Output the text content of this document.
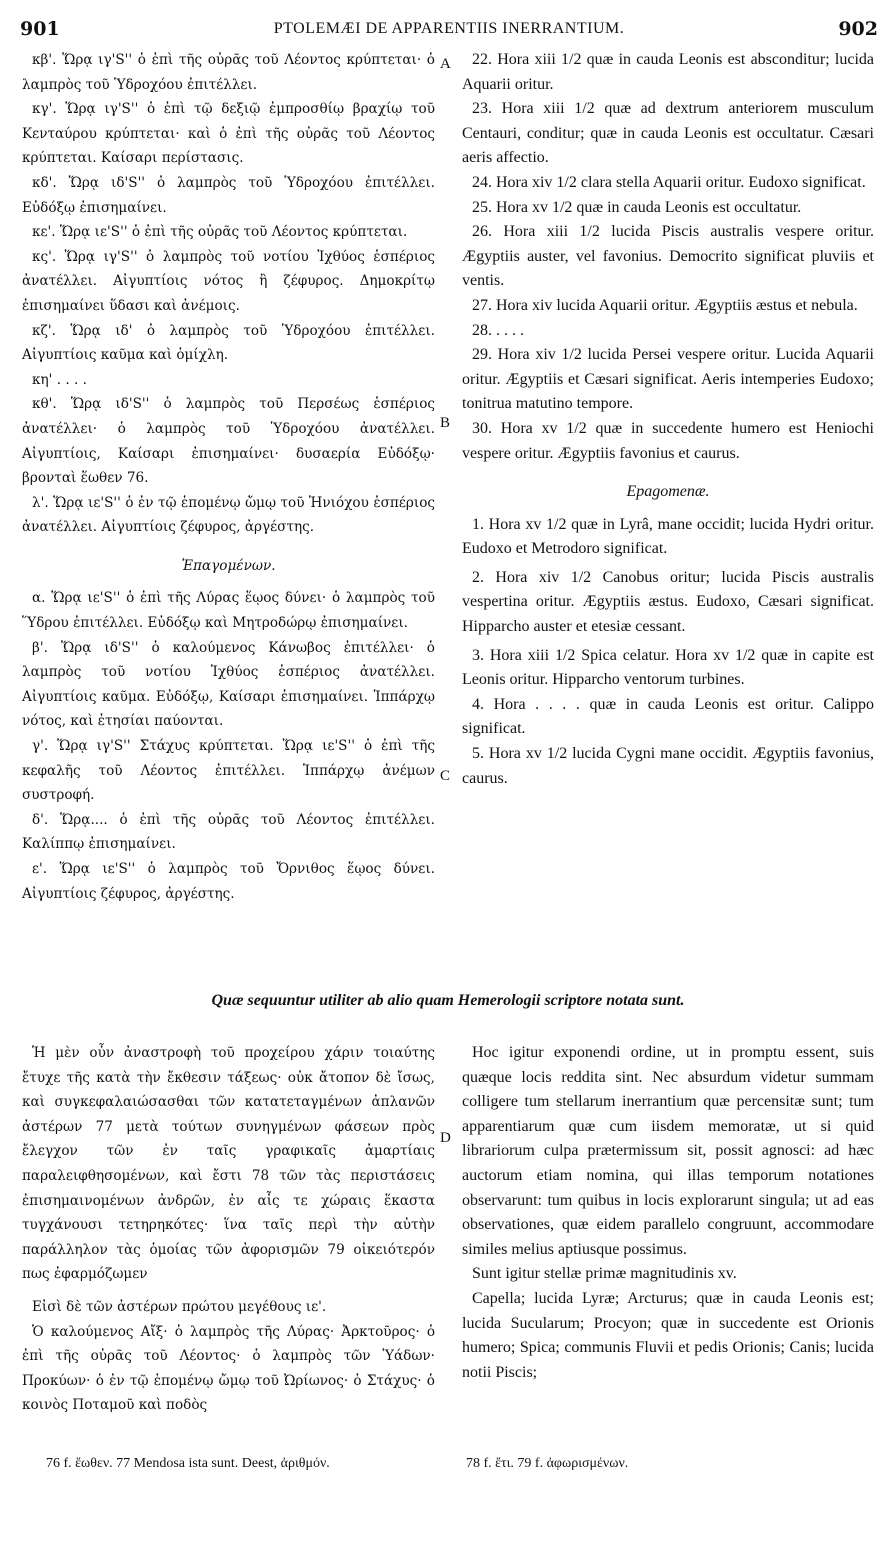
901	PTOLEMÆI DE APPARENTIIS INERRANTIUM.	902

κβ'. Ὥρᾳ ιγ'S'' ὁ ἐπὶ τῆς οὐρᾶς τοῦ Λέοντος κρύπτεται· ὁ λαμπρὸς τοῦ Ὑδροχόου ἐπιτέλλει.

κγ'. Ὥρᾳ ιγ'S'' ὁ ἐπὶ τῷ δεξιῷ ἐμπροσθίῳ βραχίῳ τοῦ Κενταύρου κρύπτεται· καὶ ὁ ἐπὶ τῆς οὐρᾶς τοῦ Λέοντος κρύπτεται. Καίσαρι περίστασις.

κδ'. Ὥρᾳ ιδ'S'' ὁ λαμπρὸς τοῦ Ὑδροχόου ἐπιτέλλει. Εὐδόξῳ ἐπισημαίνει.

κε'. Ὥρᾳ ιε'S'' ὁ ἐπὶ τῆς οὐρᾶς τοῦ Λέοντος κρύπτεται.

κς'. Ὥρᾳ ιγ'S'' ὁ λαμπρὸς τοῦ νοτίου Ἰχθύος ἑσπέριος ἀνατέλλει. Αἰγυπτίοις νότος ἢ ζέφυρος. Δημοκρίτῳ ἐπισημαίνει ὕδασι καὶ ἀνέμοις.

κζ'. Ὥρᾳ ιδ' ὁ λαμπρὸς τοῦ Ὑδροχόου ἐπιτέλλει. Αἰγυπτίοις καῦμα καὶ ὁμίχλη.

κη' . . . .

κθ'. Ὥρᾳ ιδ'S'' ὁ λαμπρὸς τοῦ Περσέως ἑσπέριος ἀνατέλλει· ὁ λαμπρὸς τοῦ Ὑδροχόου ἀνατέλλει. Αἰγυπτίοις, Καίσαρι ἐπισημαίνει· δυσαερία Εὐδόξῳ· βρονταὶ ἕωθεν 76.

λ'. Ὥρᾳ ιε'S'' ὁ ἐν τῷ ἑπομένῳ ὤμῳ τοῦ Ἡνιόχου ἑσπέριος ἀνατέλλει. Αἰγυπτίοις ζέφυρος, ἀργέστης.

Ἐπαγομένων.

α. Ὥρᾳ ιε'S'' ὁ ἐπὶ τῆς Λύρας ἕῳος δύνει· ὁ λαμπρὸς τοῦ Ὕδρου ἐπιτέλλει. Εὐδόξῳ καὶ Μητροδώρῳ ἐπισημαίνει.

β'. Ὥρᾳ ιδ'S'' ὁ καλούμενος Κάνωβος ἐπιτέλλει· ὁ λαμπρὸς τοῦ νοτίου Ἰχθύος ἑσπέριος ἀνατέλλει. Αἰγυπτίοις καῦμα. Εὐδόξῳ, Καίσαρι ἐπισημαίνει. Ἱππάρχῳ νότος, καὶ ἐτησίαι παύονται.

γ'. Ὥρᾳ ιγ'S'' Στάχυς κρύπτεται. Ὥρᾳ ιε'S'' ὁ ἐπὶ τῆς κεφαλῆς τοῦ Λέοντος ἐπιτέλλει. Ἱππάρχῳ ἀνέμων συστροφή.

δ'. Ὥρᾳ.... ὁ ἐπὶ τῆς οὐρᾶς τοῦ Λέοντος ἐπιτέλλει. Καλίππῳ ἐπισημαίνει.

ε'. Ὥρᾳ ιε'S'' ὁ λαμπρὸς τοῦ Ὄρνιθος ἕῳος δύνει. Αἰγυπτίοις ζέφυρος, ἀργέστης.

22. Hora xiii 1/2 quæ in cauda Leonis est absconditur; lucida Aquarii oritur.

23. Hora xiii 1/2 quæ ad dextrum anteriorem musculum Centauri, conditur; quæ in cauda Leonis est occultatur. Cæsari aeris affectio.

24. Hora xiv 1/2 clara stella Aquarii oritur. Eudoxo significat.

25. Hora xv 1/2 quæ in cauda Leonis est occultatur.

26. Hora xiii 1/2 lucida Piscis australis vespere oritur. Ægyptiis auster, vel favonius. Democrito significat pluviis et ventis.

27. Hora xiv lucida Aquarii oritur. Ægyptiis æstus et nebula.

28. . . . .

29. Hora xiv 1/2 lucida Persei vespere oritur. Lucida Aquarii oritur. Ægyptiis et Cæsari significat. Aeris intemperies Eudoxo; tonitrua matutino tempore.

30. Hora xv 1/2 quæ in succedente humero est Heniochi vespere oritur. Ægyptiis favonius et caurus.

Epagomenæ.

1. Hora xv 1/2 quæ in Lyrâ, mane occidit; lucida Hydri oritur. Eudoxo et Metrodoro significat.

2. Hora xiv 1/2 Canobus oritur; lucida Piscis australis vespertina oritur. Ægyptiis æstus. Eudoxo, Cæsari significat. Hipparcho auster et etesiæ cessant.

3. Hora xiii 1/2 Spica celatur. Hora xv 1/2 quæ in capite est Leonis oritur. Hipparcho ventorum turbines.

4. Hora . . . . quæ in cauda Leonis est oritur. Calippo significat.

5. Hora xv 1/2 lucida Cygni mane occidit. Ægyptiis favonius, caurus.

A
B
C
D
Quæ sequuntur utiliter ab alio quam Hemerologii scriptore notata sunt.

Ἡ μὲν οὖν ἀναστροφὴ τοῦ προχείρου χάριν τοιαύτης ἔτυχε τῆς κατὰ τὴν ἔκθεσιν τάξεως· οὐκ ἄτοπον δὲ ἴσως, καὶ συγκεφαλαιώσασθαι τῶν κατατεταγμένων ἀπλανῶν ἀστέρων 77 μετὰ τούτων συνηγμένων φάσεων πρὸς ἔλεγχον τῶν ἐν ταῖς γραφικαῖς ἁμαρτίαις παραλειφθησομένων, καὶ ἔστι 78 τῶν τὰς περιστάσεις ἐπισημαινομένων ἀνδρῶν, ἐν αἷς τε χώραις ἕκαστα τυγχάνουσι τετηρηκότες· ἵνα ταῖς περὶ τὴν αὐτὴν παράλληλον τὰς ὁμοίας τῶν ἀφορισμῶν 79 οἰκειότερόν πως ἐφαρμόζωμεν

Εἰσὶ δὲ τῶν ἀστέρων πρώτου μεγέθους ιε'.

Ὁ καλούμενος Αἴξ· ὁ λαμπρὸς τῆς Λύρας· Ἀρκτοῦρος· ὁ ἐπὶ τῆς οὐρᾶς τοῦ Λέοντος· ὁ λαμπρὸς τῶν Ὑάδων· Προκύων· ὁ ἐν τῷ ἑπομένῳ ὤμῳ τοῦ Ὠρίωνος· ὁ Στάχυς· ὁ κοινὸς Ποταμοῦ καὶ ποδὸς

Hoc igitur exponendi ordine, ut in promptu essent, suis quæque locis reddita sint. Nec absurdum videtur summam colligere tum stellarum inerrantium quæ percensitæ sunt; tum apparentiarum quæ cum iisdem memoratæ, ut si quid librariorum culpa prætermissum sit, possit agnosci: ad hæc auctorum etiam nomina, qui illas temporum notationes observarunt: tum quibus in locis explorarunt singula; ut ad eas observationes, quæ eidem parallelo congruunt, accommodare similes melius aptiusque possimus.

Sunt igitur stellæ primæ magnitudinis xv.

Capella; lucida Lyræ; Arcturus; quæ in cauda Leonis est; lucida Sucularum; Procyon; quæ in succedente est Orionis humero; Spica; communis Fluvii et pedis Orionis; Canis; lucida notii Piscis;

76 f. ἕωθεν. 77 Mendosa ista sunt. Deest, ἀριθμόν.	78 f. ἔτι. 79 f. ἀφωρισμένων.
